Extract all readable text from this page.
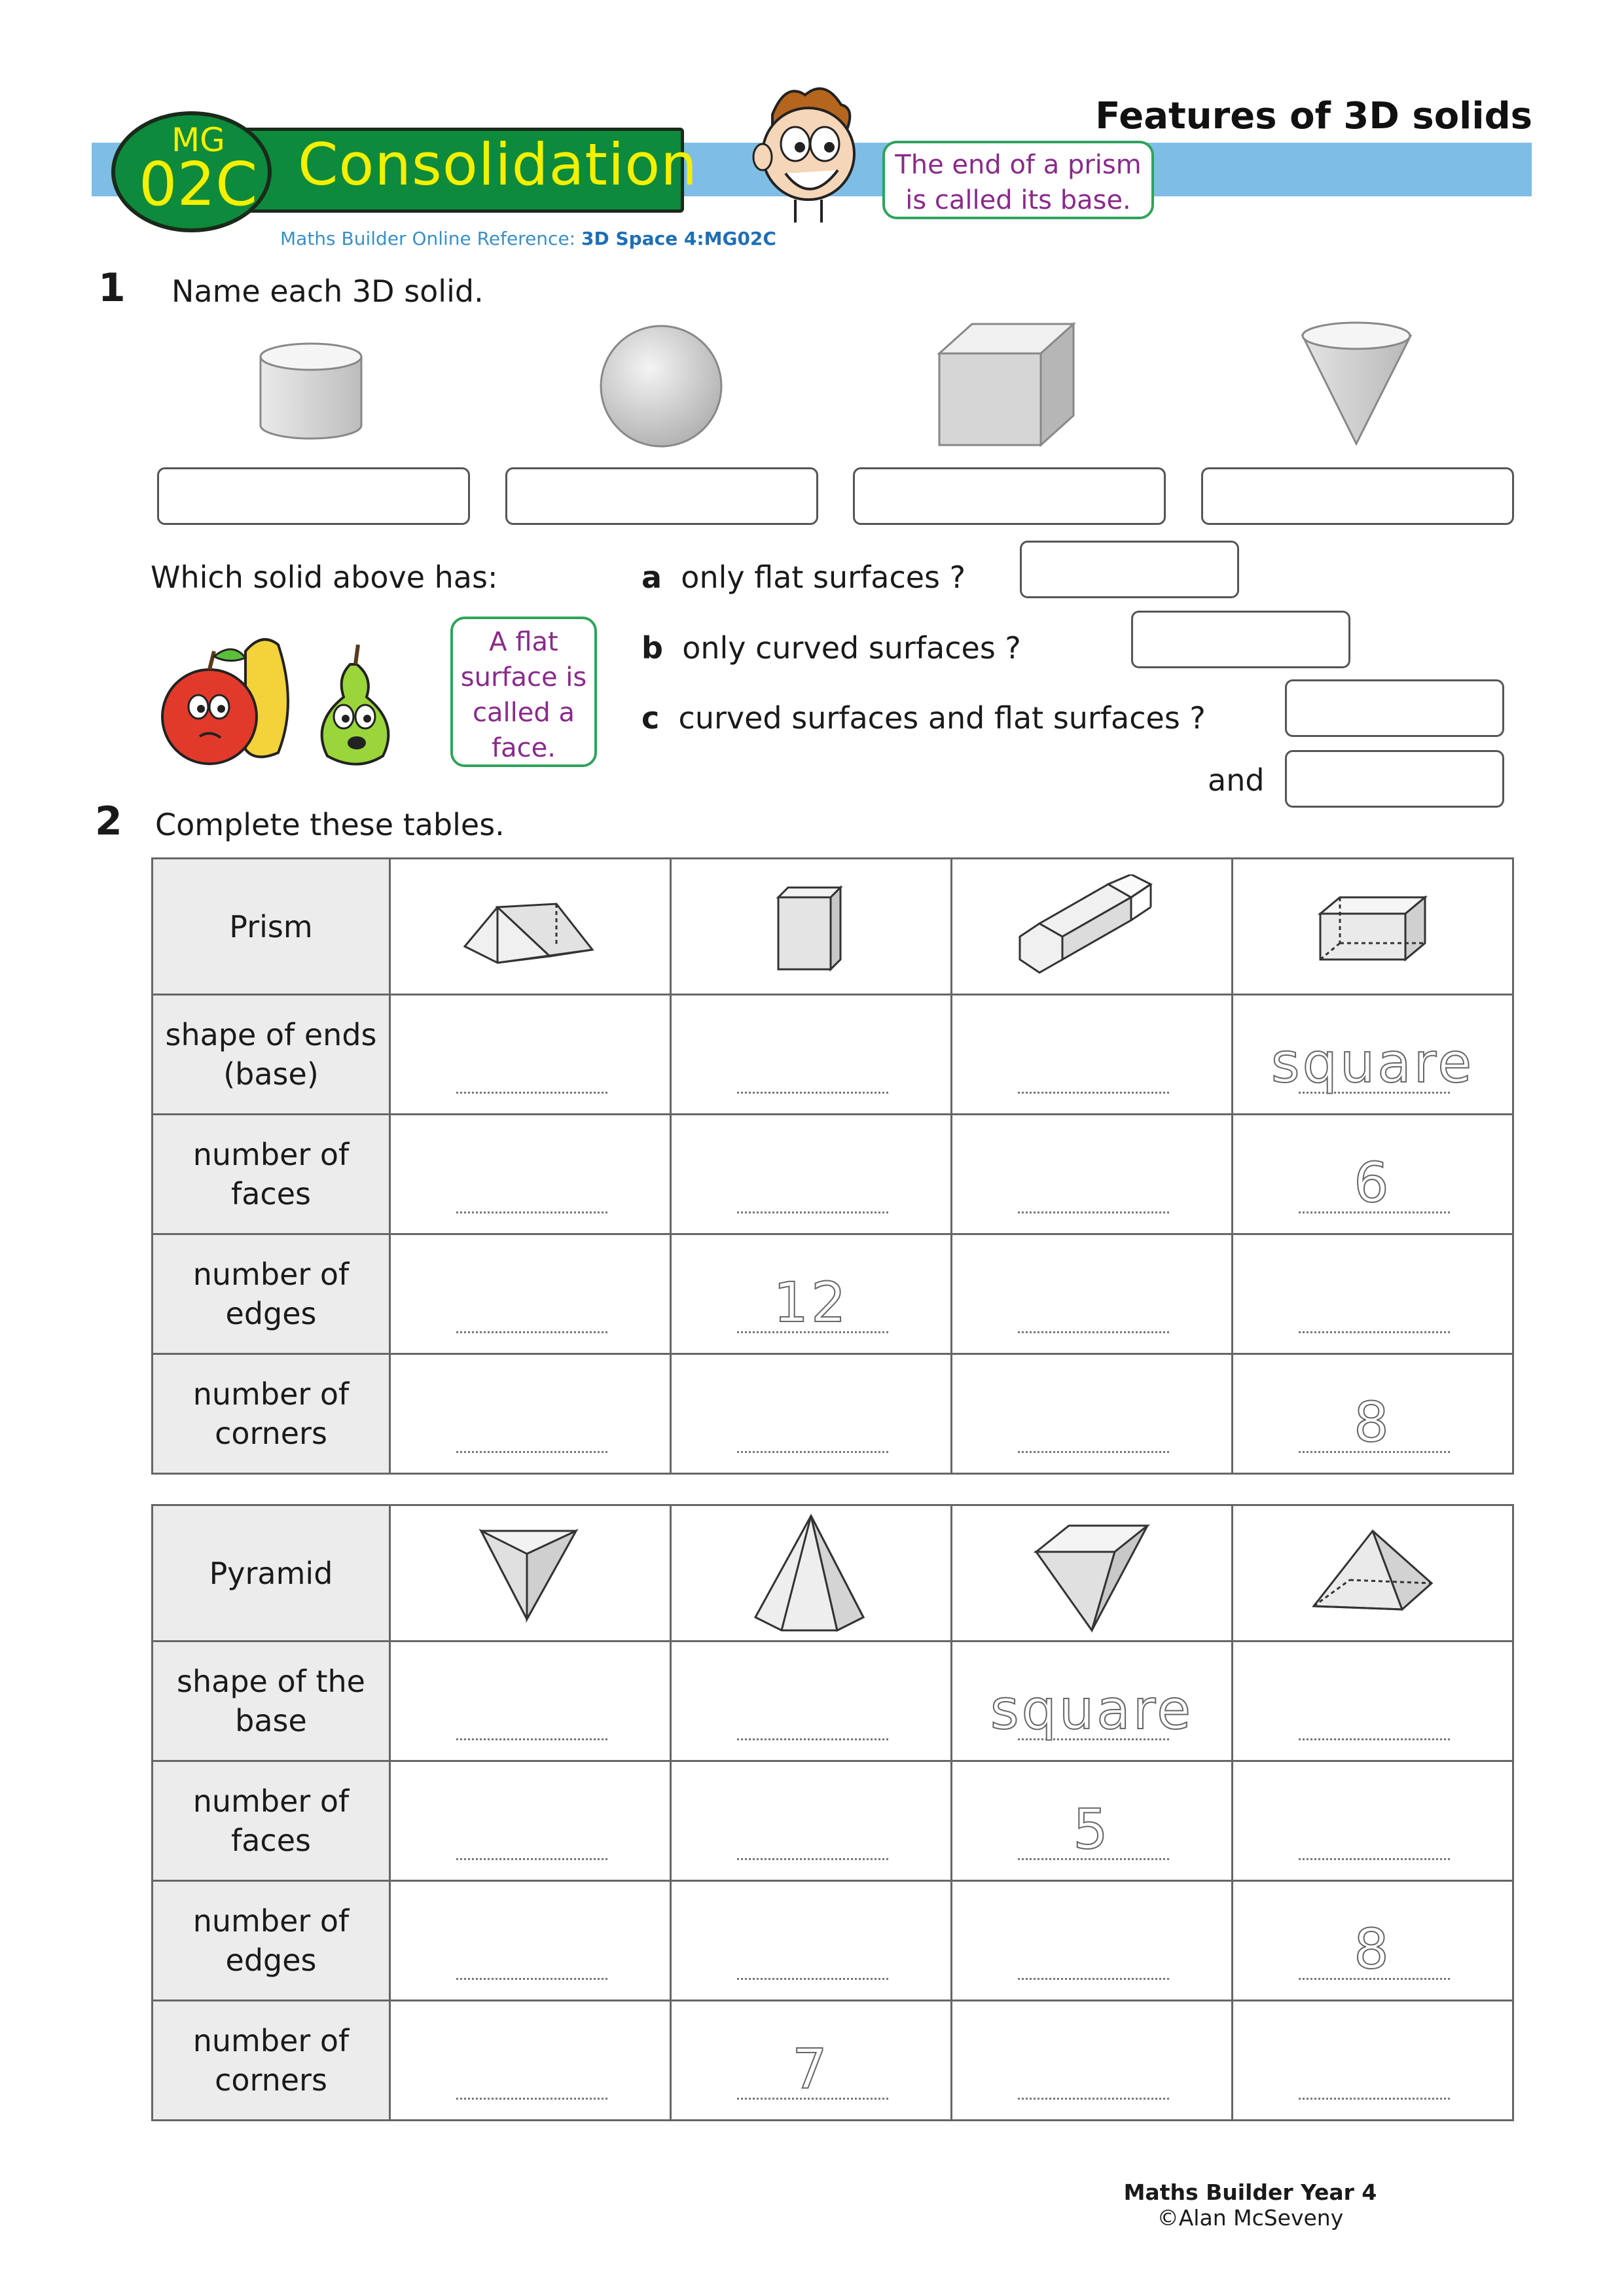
Consolidation
MG
02C
Maths Builder Online Reference: 3D Space 4:MG02C
Features of 3D solids
The end of a prism is called its base.
1 Name each 3D solid.
Which solid above has:	a only flat surfaces ?
b only curved surfaces ?
c curved surfaces and flat surfaces ?
and
A flat surface is called a face.
2 Complete these tables.
Prism	

shape of ends (base)				square

number of faces				6

number of edges		12		

number of corners				8
Pyramid	

shape of the base			square	

number of faces			5	

number of edges				8

number of corners		7		

Maths Builder Year 4
©Alan McSeveny
